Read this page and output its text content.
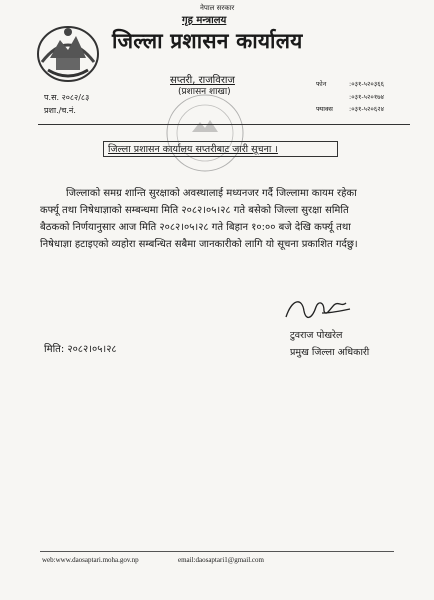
नेपाल सरकार
गृह मन्त्रालय
जिल्ला प्रशासन कार्यालय
सप्तरी, राजविराज
(प्रशासन शाखा)
फोन	:०३१-५२०३६६
:०३१-५२०१७४
फ्याक्स	:०३१-५२०६२४
प.स. २०८२/८३
प्रशा./च.नं.
जिल्ला प्रशासन कार्यालय सप्तरीबाट जारी सूचना ।
जिल्लाको समग्र शान्ति सुरक्षाको अवस्थालाई मध्यनजर गर्दै जिल्लामा कायम रहेका
कर्फ्यू तथा निषेधाज्ञाको सम्बन्धमा मिति २०८२।०५।२८ गते बसेको जिल्ला सुरक्षा समिति
बैठकको निर्णयानुसार आज मिति २०८२।०५।२८ गते बिहान १०:०० बजे देखि कर्फ्यू तथा
निषेधाज्ञा हटाइएको व्यहोरा सम्बन्धित सबैमा जानकारीको लागि यो सूचना प्रकाशित गर्दछु।
टुवराज पोखरेल
प्रमुख जिल्ला अधिकारी
मिति: २०८२।०५।२८
web:www.daosaptari.moha.gov.np	email:daosaptari1@gmail.com
